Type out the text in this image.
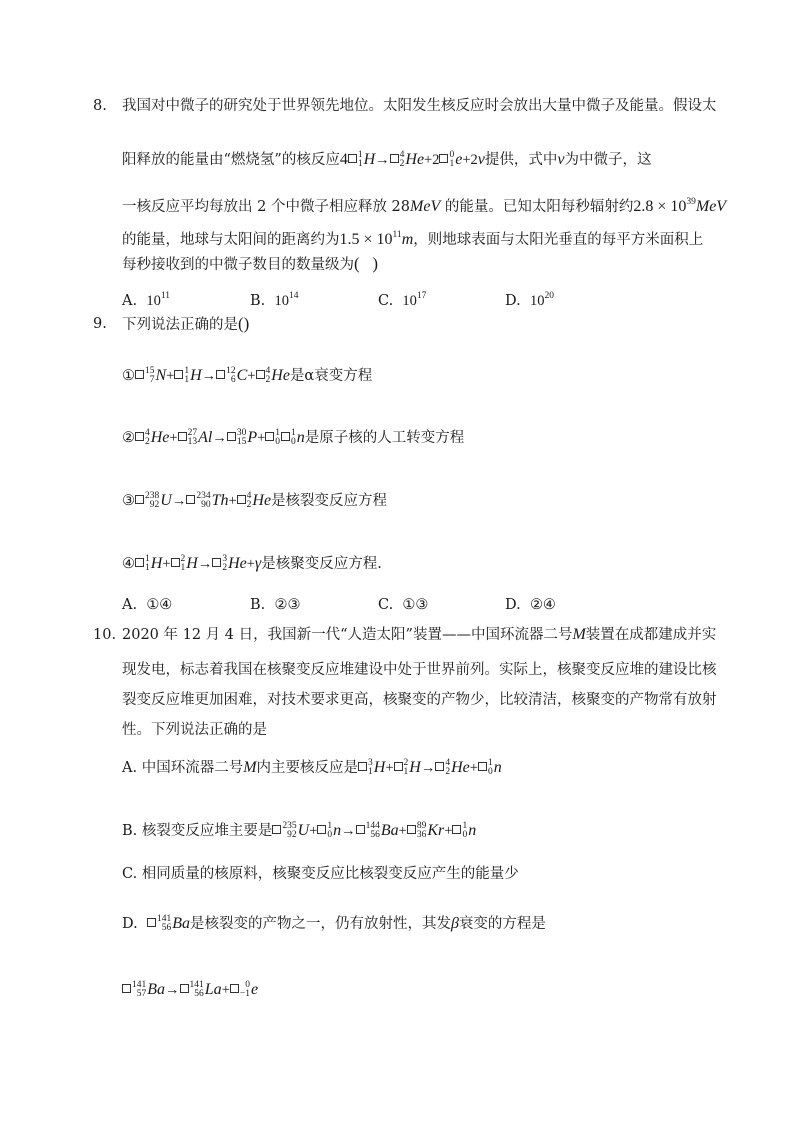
8. 我国对中微子的研究处于世界领先地位。太阳发生核反应时会放出大量中微子及能量。假设太
阳释放的能量由“燃烧氢”的核反应4 1
1 H→ 4
2 He+2 0
1 e+2ν提供，式中ν为中微子，这
一核反应平均每放出 2 个中微子相应释放 28MeV 的能量。已知太阳每秒辐射约$2.8 \times 10^{39}MeV$
的能量，地球与太阳间的距离约为$1.5 \times 10^{11}m$，则地球表面与太阳光垂直的每平方米面积上
每秒接收到的中微子数目的数量级为(   )
A. $10^{11}$	B. $10^{14}$	C. $10^{17}$	D. $10^{20}$
9. 下列说法正确的是()
① 15
7 N+ 1
1 H→ 12
6 C+ 4
2 He是α衰变方程
② 4
2 He+ 27
13 Al→ 30
15 P+ 1
0
1
0 n是原子核的人工转变方程
③ 238
92 U→ 234
90 Th+ 4
2 He是核裂变反应方程
④ 1
1 H+ 2
1 H→ 3
2 He+γ是核聚变反应方程.
A. ①④	B. ②③	C. ①③	D. ②④
10. 2020 年 12 月 4 日，我国新一代“人造太阳”装置——中国环流器二号M装置在成都建成并实
现发电，标志着我国在核聚变反应堆建设中处于世界前列。实际上，核聚变反应堆的建设比核
裂变反应堆更加困难，对技术要求更高，核聚变的产物少，比较清洁，核聚变的产物常有放射
性。下列说法正确的是
A. 中国环流器二号M内主要核反应是 3
1 H+ 2
1 H→ 4
2 He+ 1
0 n
B. 核裂变反应堆主要是 235
92 U+ 1
0 n→ 144
56 Ba+ 89
36 Kr+ 1
0 n
C. 相同质量的核原料，核聚变反应比核裂变反应产生的能量少
D. 141
56 Ba是核裂变的产物之一，仍有放射性，其发β衰变的方程是
141
57 Ba→ 141
56 La+	0
−1 e
